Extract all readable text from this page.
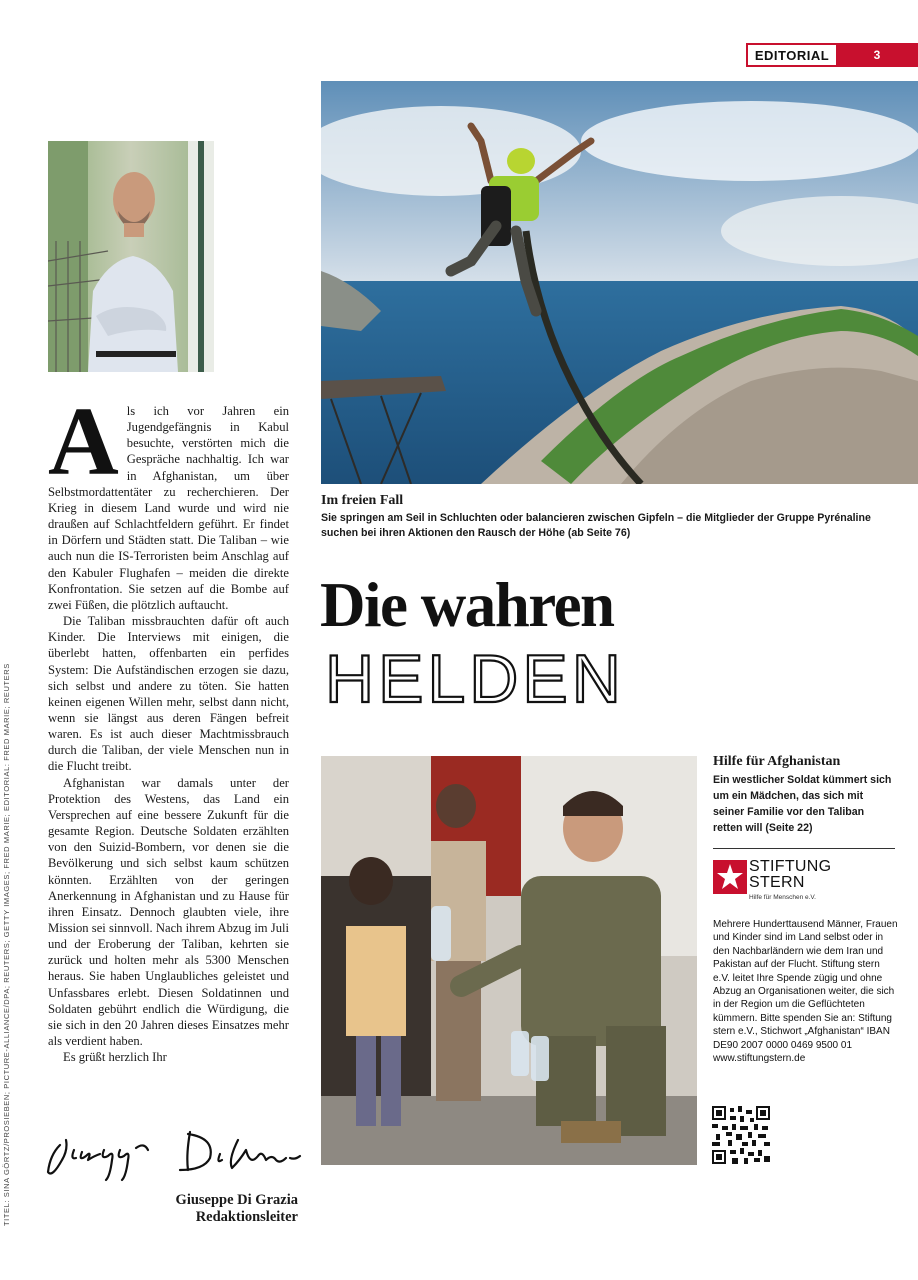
EDITORIAL	3
TITEL: SINA GÖRTZ/PROSIEBEN; PICTURE-ALLIANCE/DPA; REUTERS; GETTY IMAGES; FRED MARIE; EDITORIAL: FRED MARIE; REUTERS

Als ich vor Jahren ein Jugendgefängnis in Kabul besuchte, verstörten mich die Gespräche nachhaltig. Ich war in Afghanistan, um über Selbstmordattentäter zu recherchieren. Der Krieg in diesem Land wurde und wird nie draußen auf Schlachtfeldern geführt. Er findet in Dörfern und Städten statt. Die Taliban – wie auch nun die IS-Terroristen beim Anschlag auf den Kabuler Flughafen – meiden die direkte Konfrontation. Sie setzen auf die Bombe auf zwei Füßen, die plötzlich auftaucht.

Die Taliban missbrauchten dafür oft auch Kinder. Die Interviews mit einigen, die überlebt hatten, offenbarten ein perfides System: Die Aufständischen erzogen sie dazu, sich selbst und andere zu töten. Sie hatten keinen eigenen Willen mehr, selbst dann nicht, wenn sie längst aus deren Fängen befreit waren. Es ist auch dieser Machtmissbrauch durch die Taliban, der viele Menschen nun in die Flucht treibt.

Afghanistan war damals unter der Protektion des Westens, das Land ein Versprechen auf eine bessere Zukunft für die gesamte Region. Deutsche Soldaten erzählten von den Suizid-Bombern, vor denen sie die Bevölkerung und sich selbst kaum schützen könnten. Erzählten von der geringen Anerkennung in Afghanistan und zu Hause für ihren Einsatz. Dennoch glaubten viele, ihre Mission sei sinnvoll. Nach ihrem Abzug im Juli und der Eroberung der Taliban, kehrten sie zurück und holten mehr als 5300 Menschen heraus. Sie haben Unglaubliches geleistet und Unfassbares erlebt. Diesen Soldatinnen und Soldaten gebührt endlich die Würdigung, die sie sich in den 20 Jahren dieses Einsatzes mehr als verdient haben.

Es grüßt herzlich Ihr

Giuseppe Di Grazia
Redaktionsleiter
Im freien Fall
Sie springen am Seil in Schluchten oder balancieren zwischen Gipfeln – die Mitglieder der Gruppe Pyrénaline suchen bei ihren Aktionen den Rausch der Höhe (ab Seite 76)
Die wahren
HELDEN
Hilfe für Afghanistan
Ein westlicher Soldat kümmert sich um ein Mädchen, das sich mit seiner Familie vor den Taliban retten will (Seite 22)
STIFTUNG
STERN
Hilfe für Menschen e.V.
Mehrere Hunderttausend Männer, Frauen und Kinder sind im Land selbst oder in den Nachbarländern wie dem Iran und Pakistan auf der Flucht. Stiftung stern e.V. leitet Ihre Spende zügig und ohne Abzug an Organisationen weiter, die sich in der Region um die Geflüchteten kümmern. Bitte spenden Sie an: Stiftung stern e.V., Stichwort „Afghanistan“ IBAN DE90 2007 0000 0469 9500 01 www.stiftungstern.de
